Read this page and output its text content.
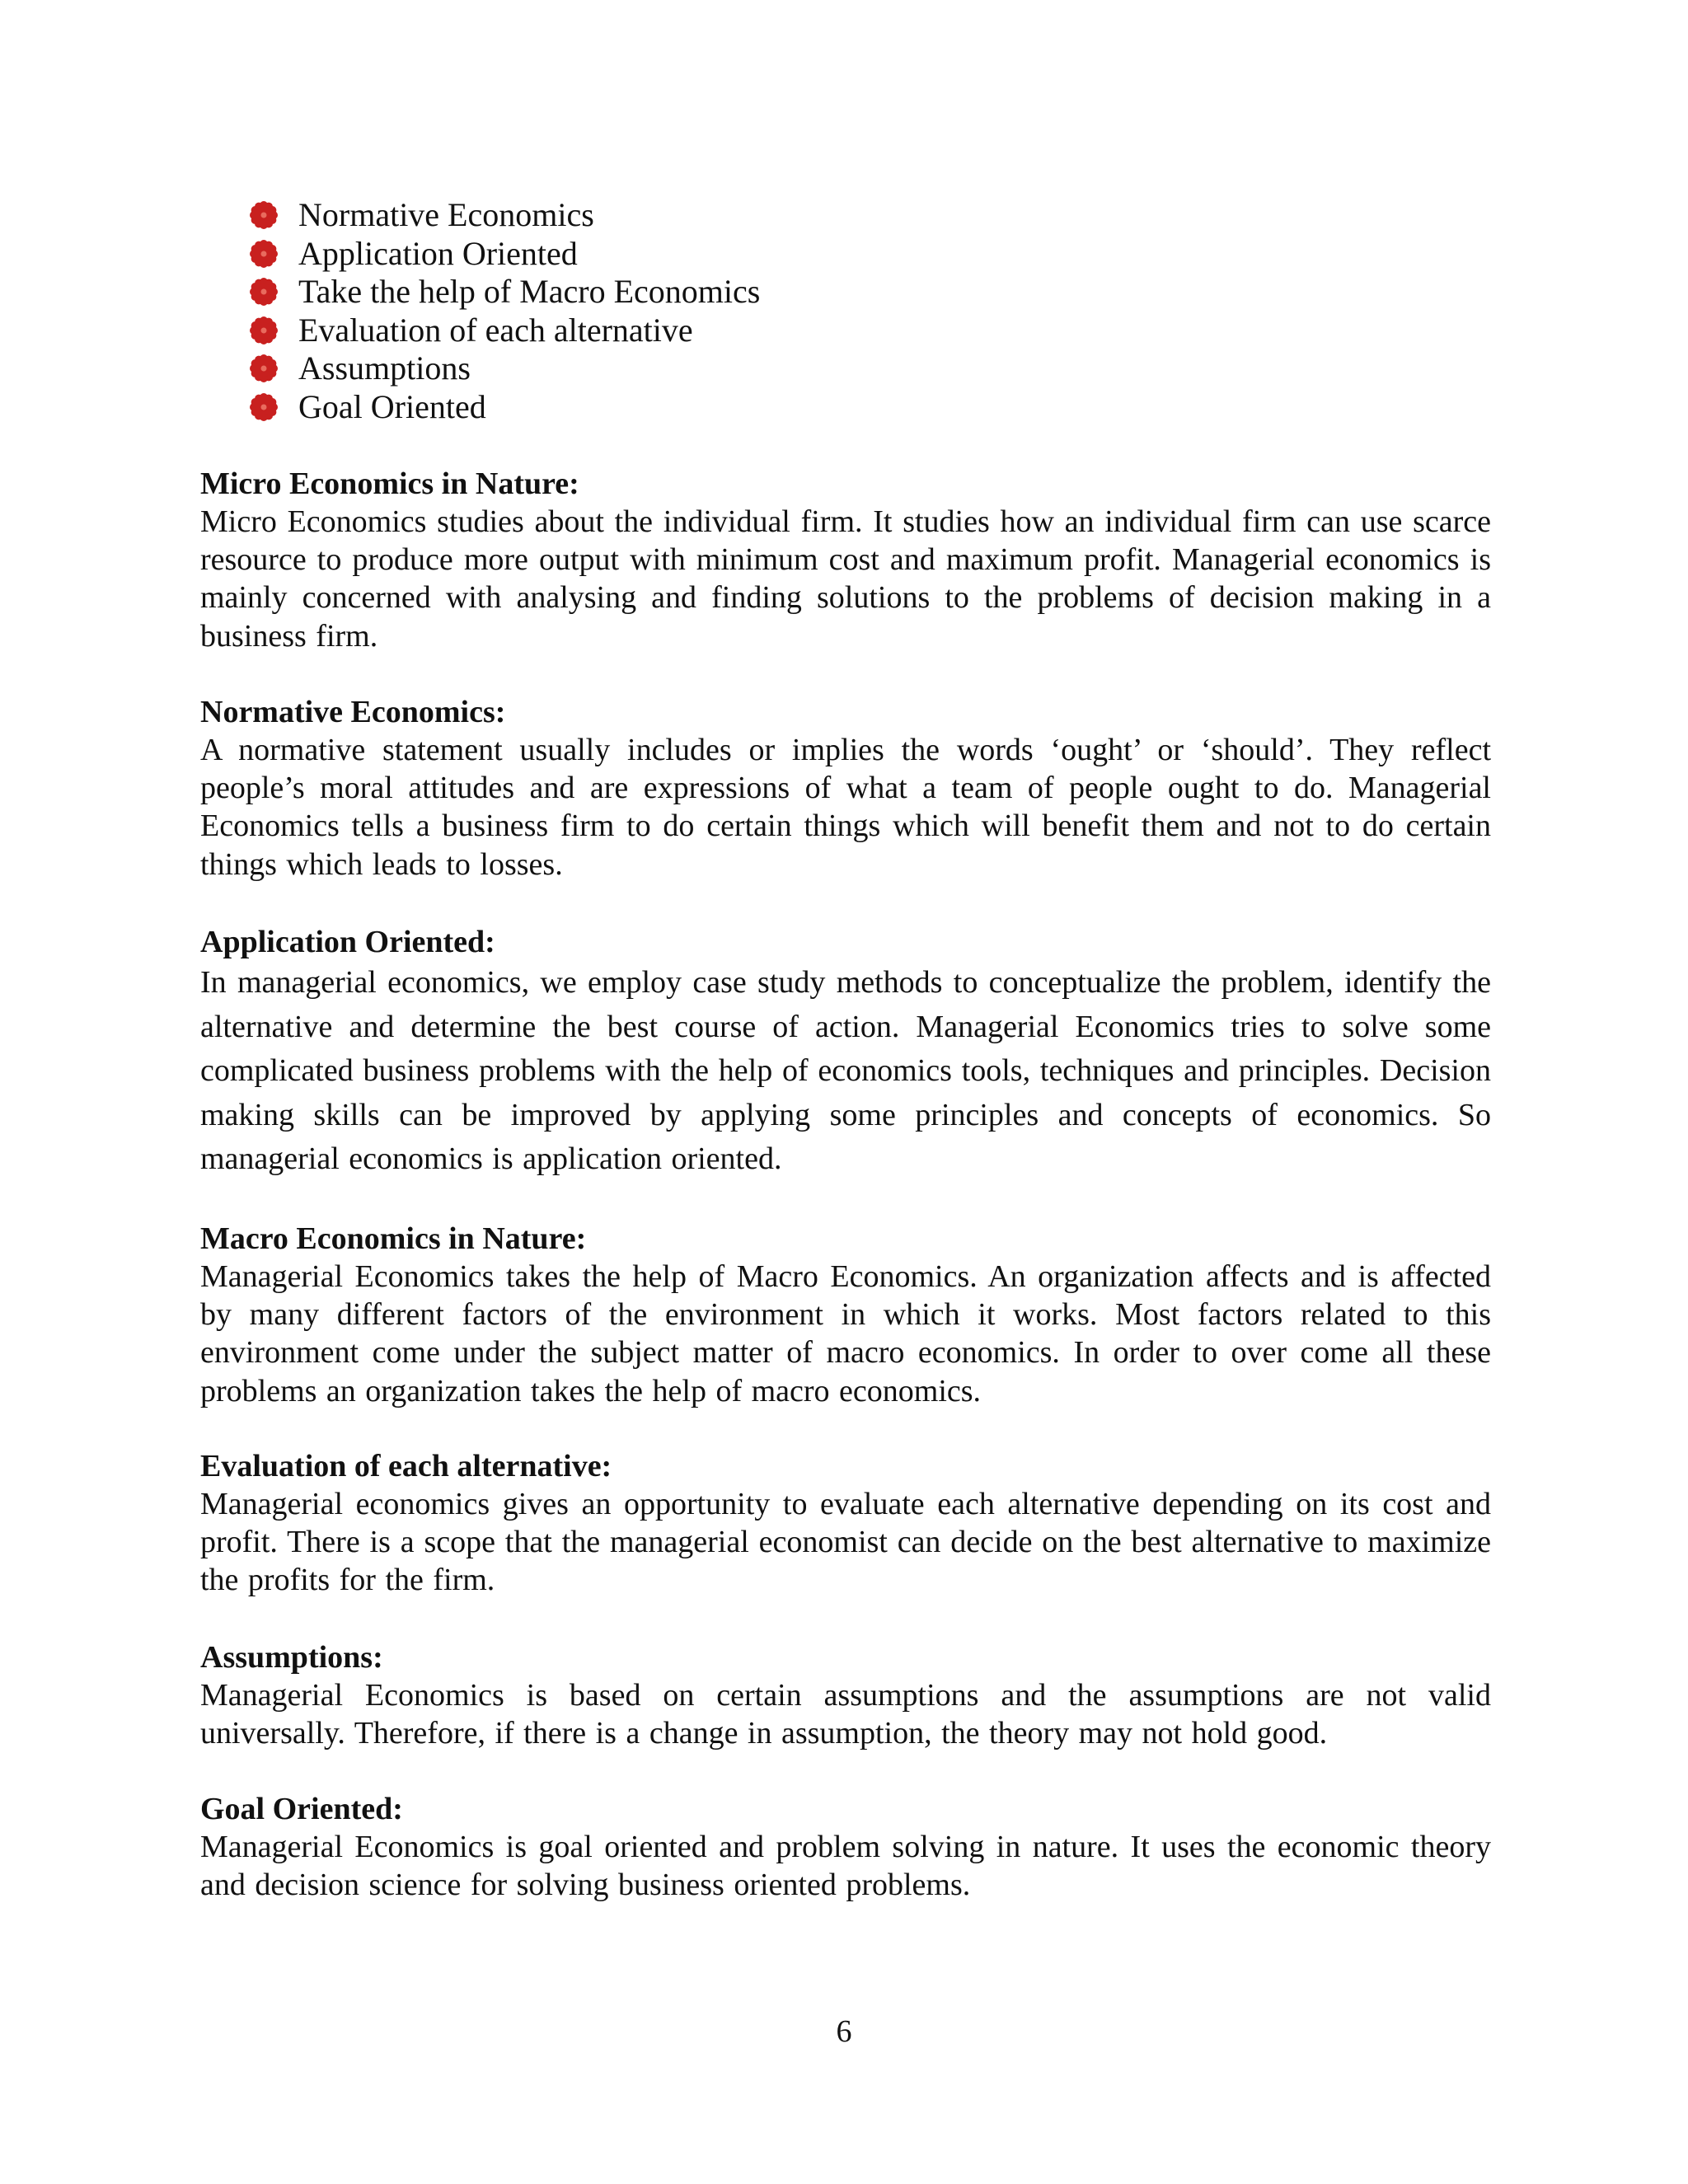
Normative Economics
Application Oriented
Take the help of Macro Economics
Evaluation of each alternative
Assumptions
Goal Oriented
Micro Economics in Nature:

Micro Economics studies about the individual firm. It studies how an individual firm can use scarce resource to produce more output with minimum cost and maximum profit. Managerial economics is mainly concerned with analysing and finding solutions to the problems of decision making in a business firm.

Normative Economics:

A normative statement usually includes or implies the words ‘ought’ or ‘should’. They reflect people’s moral attitudes and are expressions of what a team of people ought to do. Managerial Economics tells a business firm to do certain things which will benefit them and not to do certain things which leads to losses.

Application Oriented:

In managerial economics, we employ case study methods to conceptualize the problem, identify the alternative and determine the best course of action. Managerial Economics tries to solve some complicated business problems with the help of economics tools, techniques and principles. Decision making skills can be improved by applying some principles and concepts of economics. So managerial economics is application oriented.

Macro Economics in Nature:

Managerial Economics takes the help of Macro Economics. An organization affects and is affected by many different factors of the environment in which it works. Most factors related to this environment come under the subject matter of macro economics. In order to over come all these problems an organization takes the help of macro economics.

Evaluation of each alternative:

Managerial economics gives an opportunity to evaluate each alternative depending on its cost and profit. There is a scope that the managerial economist can decide on the best alternative to maximize the profits for the firm.

Assumptions:

Managerial Economics is based on certain assumptions and the assumptions are not valid universally. Therefore, if there is a change in assumption, the theory may not hold good.

Goal Oriented:

Managerial Economics is goal oriented and problem solving in nature. It uses the economic theory and decision science for solving business oriented problems.

6
